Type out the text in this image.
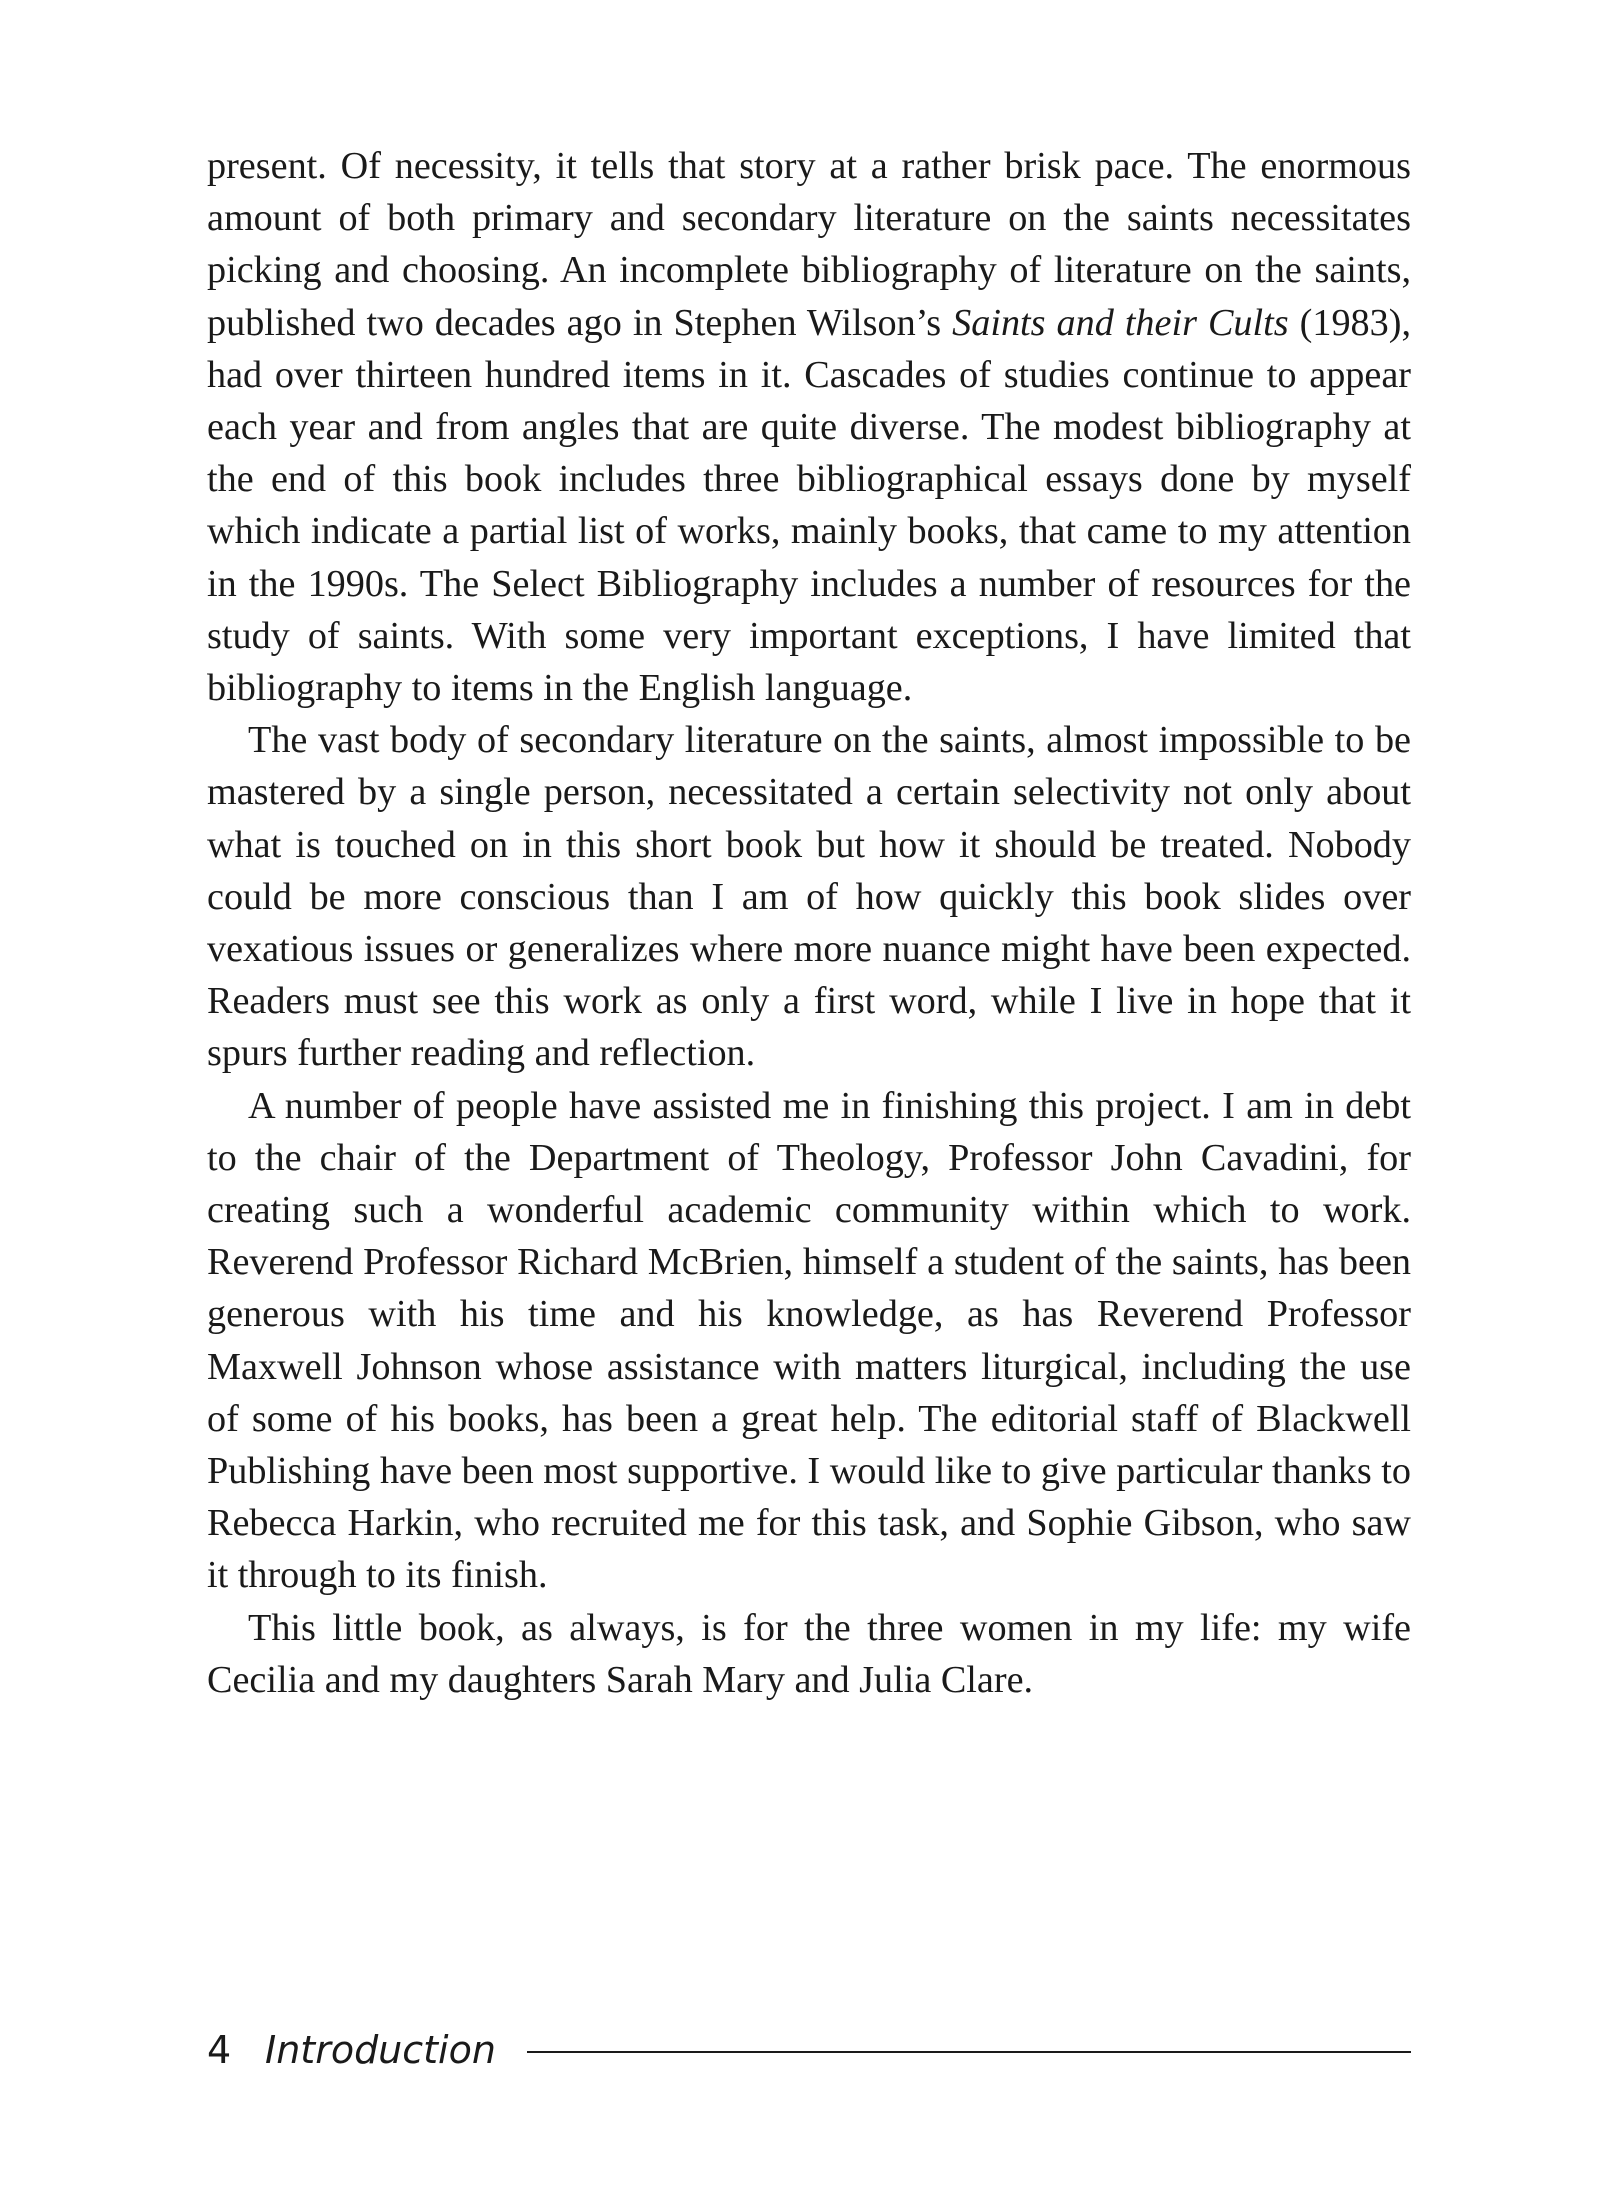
present. Of necessity, it tells that story at a rather brisk pace. The enormous amount of both primary and secondary literature on the saints necessitates picking and choosing. An incomplete bibliography of literature on the saints, published two decades ago in Stephen Wilson’s Saints and their Cults (1983), had over thirteen hundred items in it. Cascades of studies continue to appear each year and from angles that are quite diverse. The modest bibliography at the end of this book includes three bibliographical essays done by myself which indicate a partial list of works, mainly books, that came to my attention in the 1990s. The Select Bibliography includes a number of resources for the study of saints. With some very important exceptions, I have limited that bibliography to items in the English language.

The vast body of secondary literature on the saints, almost impossible to be mastered by a single person, necessitated a certain selectivity not only about what is touched on in this short book but how it should be treated. Nobody could be more conscious than I am of how quickly this book slides over vexatious issues or generalizes where more nuance might have been expected. Readers must see this work as only a first word, while I live in hope that it spurs further reading and reflection.

A number of people have assisted me in finishing this project. I am in debt to the chair of the Department of Theology, Professor John Cavadini, for creating such a wonderful academic community within which to work. Reverend Professor Richard McBrien, himself a student of the saints, has been generous with his time and his knowledge, as has Reverend Professor Maxwell Johnson whose assistance with matters liturgical, including the use of some of his books, has been a great help. The editorial staff of Blackwell Publishing have been most supportive. I would like to give particular thanks to Rebecca Harkin, who recruited me for this task, and Sophie Gibson, who saw it through to its finish.

This little book, as always, is for the three women in my life: my wife Cecilia and my daughters Sarah Mary and Julia Clare.

4 Introduction
